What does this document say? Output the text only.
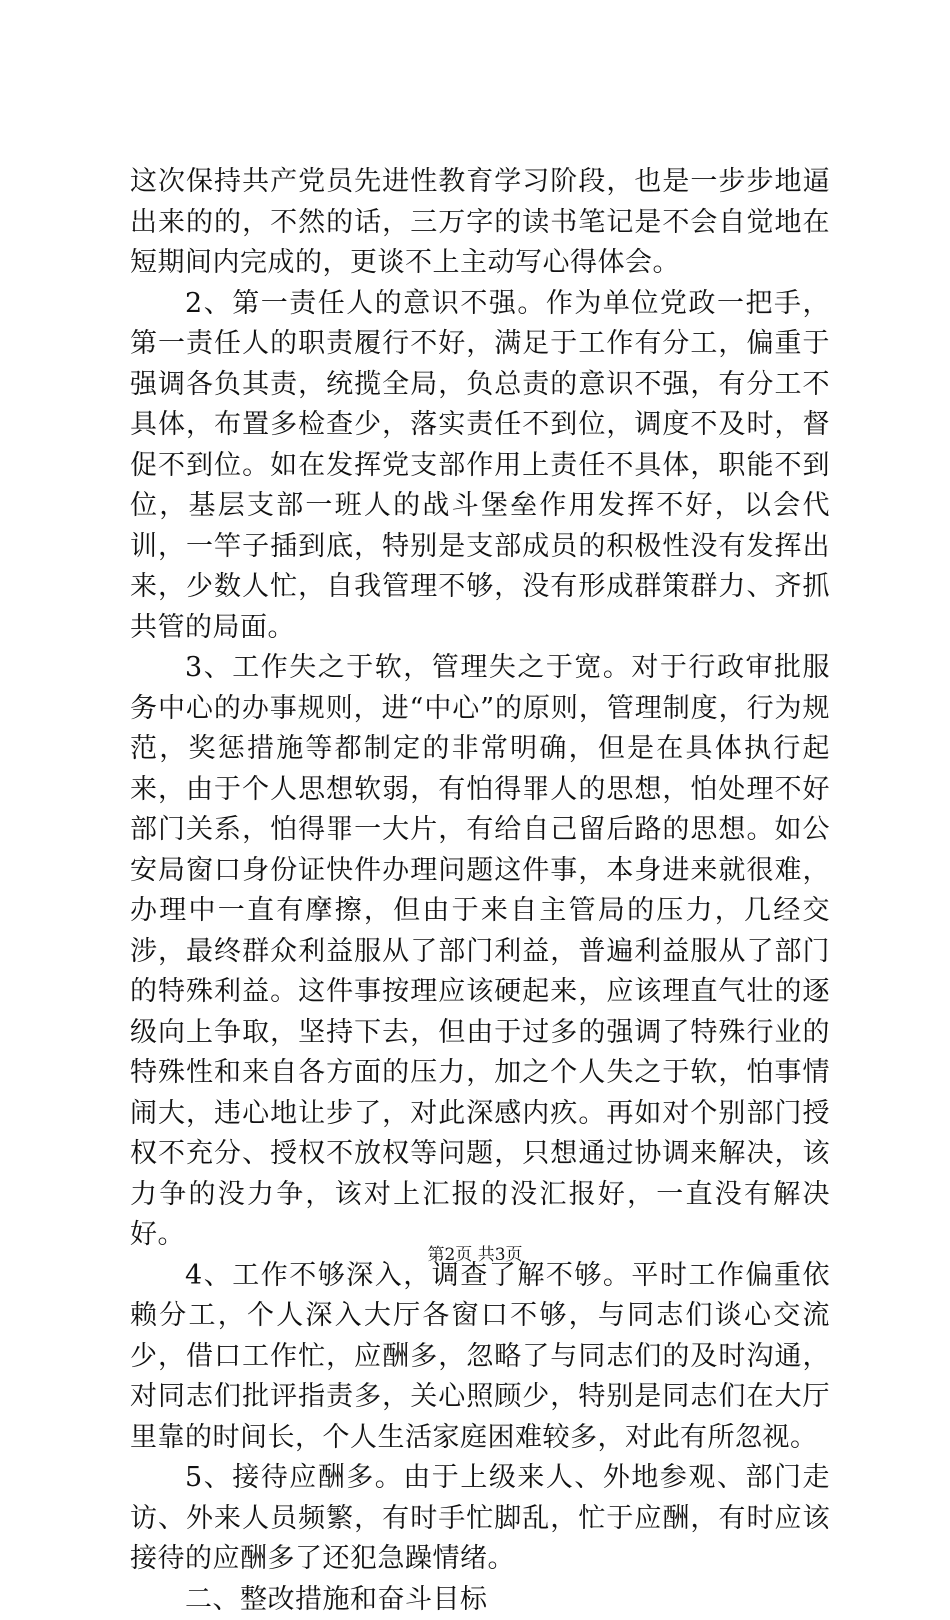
这次保持共产党员先进性教育学习阶段，也是一步步地逼出来的的，不然的话，三万字的读书笔记是不会自觉地在短期间内完成的，更谈不上主动写心得体会。

2、第一责任人的意识不强。作为单位党政一把手，第一责任人的职责履行不好，满足于工作有分工，偏重于强调各负其责，统揽全局，负总责的意识不强，有分工不具体，布置多检查少，落实责任不到位，调度不及时，督促不到位。如在发挥党支部作用上责任不具体，职能不到位，基层支部一班人的战斗堡垒作用发挥不好，以会代训，一竿子插到底，特别是支部成员的积极性没有发挥出来，少数人忙，自我管理不够，没有形成群策群力、齐抓共管的局面。

3、工作失之于软，管理失之于宽。对于行政审批服务中心的办事规则，进“中心”的原则，管理制度，行为规范，奖惩措施等都制定的非常明确，但是在具体执行起来，由于个人思想软弱，有怕得罪人的思想，怕处理不好部门关系，怕得罪一大片，有给自己留后路的思想。如公安局窗口身份证快件办理问题这件事，本身进来就很难，办理中一直有摩擦，但由于来自主管局的压力，几经交涉，最终群众利益服从了部门利益，普遍利益服从了部门的特殊利益。这件事按理应该硬起来，应该理直气壮的逐级向上争取，坚持下去，但由于过多的强调了特殊行业的特殊性和来自各方面的压力，加之个人失之于软，怕事情闹大，违心地让步了，对此深感内疚。再如对个别部门授权不充分、授权不放权等问题，只想通过协调来解决，该力争的没力争，该对上汇报的没汇报好，一直没有解决好。

4、工作不够深入，调查了解不够。平时工作偏重依赖分工，个人深入大厅各窗口不够，与同志们谈心交流少，借口工作忙，应酬多，忽略了与同志们的及时沟通，对同志们批评指责多，关心照顾少，特别是同志们在大厅里靠的时间长，个人生活家庭困难较多，对此有所忽视。

5、接待应酬多。由于上级来人、外地参观、部门走访、外来人员频繁，有时手忙脚乱，忙于应酬，有时应该接待的应酬多了还犯急躁情绪。

二、整改措施和奋斗目标

第2页 共3页
